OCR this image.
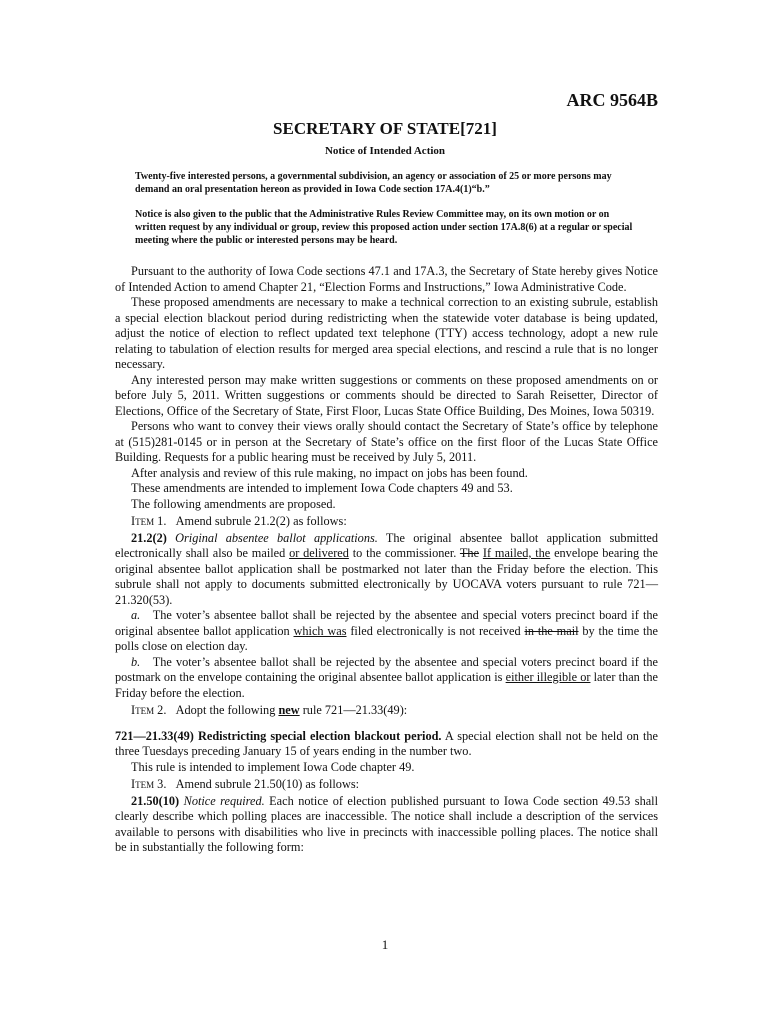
ARC 9564B
SECRETARY OF STATE[721]
Notice of Intended Action
Twenty-five interested persons, a governmental subdivision, an agency or association of 25 or more persons may demand an oral presentation hereon as provided in Iowa Code section 17A.4(1)“b.”
Notice is also given to the public that the Administrative Rules Review Committee may, on its own motion or on written request by any individual or group, review this proposed action under section 17A.8(6) at a regular or special meeting where the public or interested persons may be heard.

Pursuant to the authority of Iowa Code sections 47.1 and 17A.3, the Secretary of State hereby gives Notice of Intended Action to amend Chapter 21, “Election Forms and Instructions,” Iowa Administrative Code.

These proposed amendments are necessary to make a technical correction to an existing subrule, establish a special election blackout period during redistricting when the statewide voter database is being updated, adjust the notice of election to reflect updated text telephone (TTY) access technology, adopt a new rule relating to tabulation of election results for merged area special elections, and rescind a rule that is no longer necessary.

Any interested person may make written suggestions or comments on these proposed amendments on or before July 5, 2011. Written suggestions or comments should be directed to Sarah Reisetter, Director of Elections, Office of the Secretary of State, First Floor, Lucas State Office Building, Des Moines, Iowa 50319.

Persons who want to convey their views orally should contact the Secretary of State’s office by telephone at (515)281-0145 or in person at the Secretary of State’s office on the first floor of the Lucas State Office Building. Requests for a public hearing must be received by July 5, 2011.

After analysis and review of this rule making, no impact on jobs has been found.

These amendments are intended to implement Iowa Code chapters 49 and 53.

The following amendments are proposed.

Item 1. Amend subrule 21.2(2) as follows:

21.2(2) Original absentee ballot applications. The original absentee ballot application submitted electronically shall also be mailed or delivered to the commissioner. The If mailed, the envelope bearing the original absentee ballot application shall be postmarked not later than the Friday before the election. This subrule shall not apply to documents submitted electronically by UOCAVA voters pursuant to rule 721—21.320(53).

a. The voter’s absentee ballot shall be rejected by the absentee and special voters precinct board if the original absentee ballot application which was filed electronically is not received in the mail by the time the polls close on election day.

b. The voter’s absentee ballot shall be rejected by the absentee and special voters precinct board if the postmark on the envelope containing the original absentee ballot application is either illegible or later than the Friday before the election.

Item 2. Adopt the following new rule 721—21.33(49):

721—21.33(49) Redistricting special election blackout period. A special election shall not be held on the three Tuesdays preceding January 15 of years ending in the number two.

This rule is intended to implement Iowa Code chapter 49.

Item 3. Amend subrule 21.50(10) as follows:

21.50(10) Notice required. Each notice of election published pursuant to Iowa Code section 49.53 shall clearly describe which polling places are inaccessible. The notice shall include a description of the services available to persons with disabilities who live in precincts with inaccessible polling places. The notice shall be in substantially the following form:

1
